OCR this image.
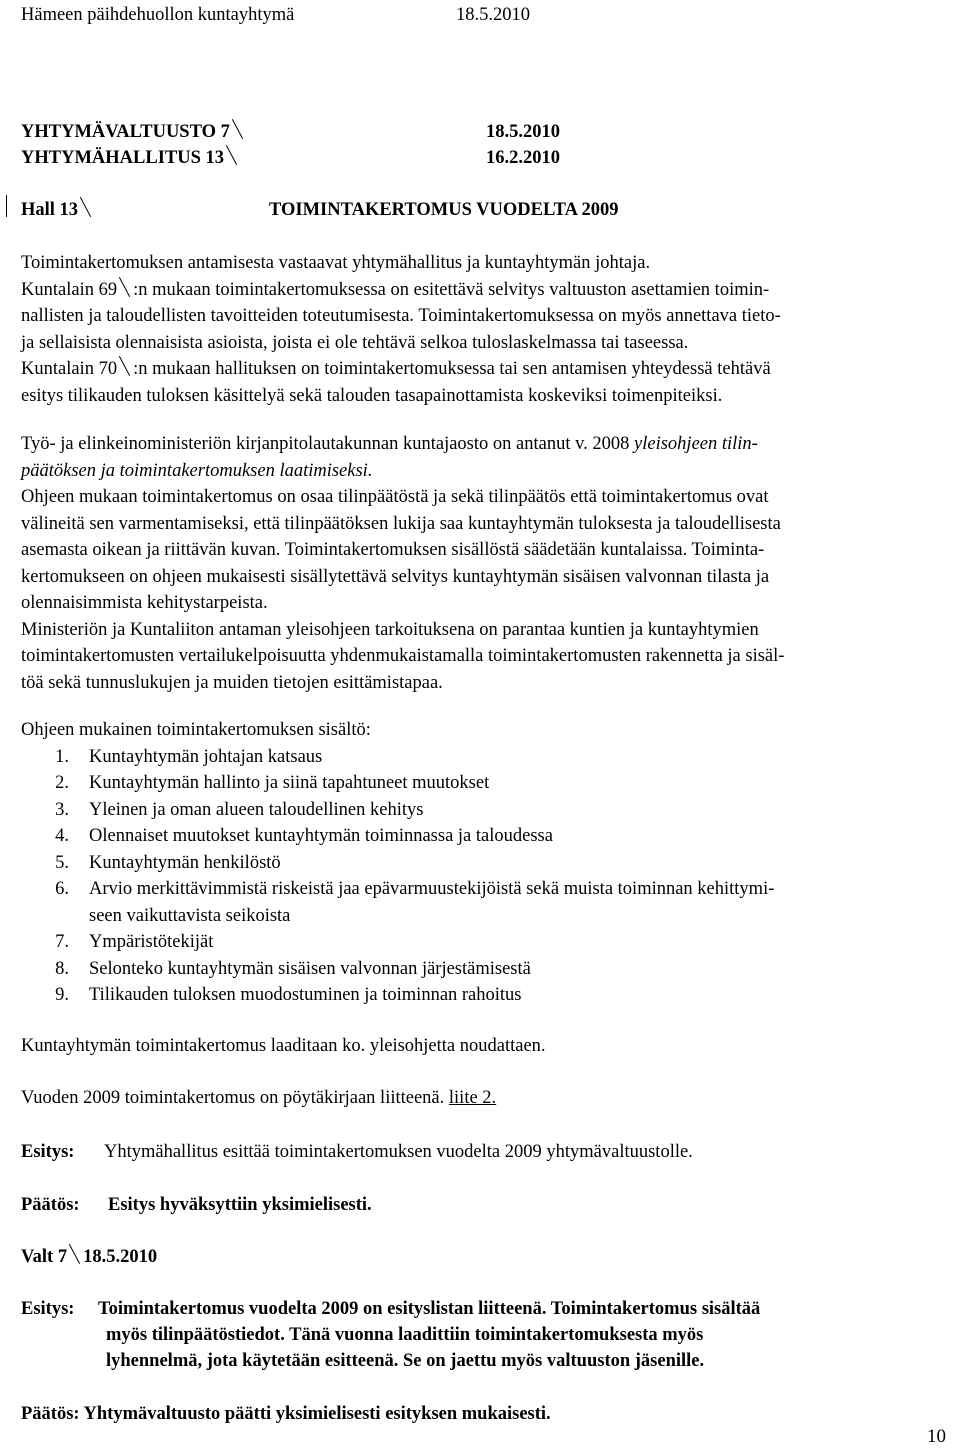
Hämeen päihdehuollon kuntayhtymä	18.5.2010
YHTYMÄVALTUUSTO 7	18.5.2010
YHTYMÄHALLITUS 13	16.2.2010
Hall 13	TOIMINTAKERTOMUS VUODELTA 2009
Toimintakertomuksen antamisesta vastaavat yhtymähallitus ja kuntayhtymän johtaja.
Kuntalain 69 :n mukaan toimintakertomuksessa on esitettävä selvitys valtuuston asettamien toimin-
nallisten ja taloudellisten tavoitteiden toteutumisesta. Toimintakertomuksessa on myös annettava tieto-
ja sellaisista olennaisista asioista, joista ei ole tehtävä selkoa tuloslaskelmassa tai taseessa.
Kuntalain 70 :n mukaan hallituksen on toimintakertomuksessa tai sen antamisen yhteydessä tehtävä
esitys tilikauden tuloksen käsittelyä sekä talouden tasapainottamista koskeviksi toimenpiteiksi.
Työ- ja elinkeinoministeriön kirjanpitolautakunnan kuntajaosto on antanut v. 2008 yleisohjeen tilin-
päätöksen ja toimintakertomuksen laatimiseksi.
Ohjeen mukaan toimintakertomus on osaa tilinpäätöstä ja sekä tilinpäätös että toimintakertomus ovat
välineitä sen varmentamiseksi, että tilinpäätöksen lukija saa kuntayhtymän tuloksesta ja taloudellisesta
asemasta oikean ja riittävän kuvan. Toimintakertomuksen sisällöstä säädetään kuntalaissa. Toiminta-
kertomukseen on ohjeen mukaisesti sisällytettävä selvitys kuntayhtymän sisäisen valvonnan tilasta ja
olennaisimmista kehitystarpeista.
Ministeriön ja Kuntaliiton antaman yleisohjeen tarkoituksena on parantaa kuntien ja kuntayhtymien
toimintakertomusten vertailukelpoisuutta yhdenmukaistamalla toimintakertomusten rakennetta ja sisäl-
töä sekä tunnuslukujen ja muiden tietojen esittämistapaa.
Ohjeen mukainen toimintakertomuksen sisältö:
1. Kuntayhtymän johtajan katsaus
2. Kuntayhtymän hallinto ja siinä tapahtuneet muutokset
3. Yleinen ja oman alueen taloudellinen kehitys
4. Olennaiset muutokset kuntayhtymän toiminnassa ja taloudessa
5. Kuntayhtymän henkilöstö
6. Arvio merkittävimmistä riskeistä jaa epävarmuustekijöistä sekä muista toiminnan kehittymi-
seen vaikuttavista seikoista
7. Ympäristötekijät
8. Selonteko kuntayhtymän sisäisen valvonnan järjestämisestä
9. Tilikauden tuloksen muodostuminen ja toiminnan rahoitus
Kuntayhtymän toimintakertomus laaditaan ko. yleisohjetta noudattaen.
Vuoden 2009 toimintakertomus on pöytäkirjaan liitteenä. liite 2.
Esitys: Yhtymähallitus esittää toimintakertomuksen vuodelta 2009 yhtymävaltuustolle.
Päätös: Esitys hyväksyttiin yksimielisesti.
Valt 7 18.5.2010
Esitys: Toimintakertomus vuodelta 2009 on esityslistan liitteenä. Toimintakertomus sisältää
myös tilinpäätöstiedot. Tänä vuonna laadittiin toimintakertomuksesta myös
lyhennelmä, jota käytetään esitteenä. Se on jaettu myös valtuuston jäsenille.
Päätös: Yhtymävaltuusto päätti yksimielisesti esityksen mukaisesti.
10
